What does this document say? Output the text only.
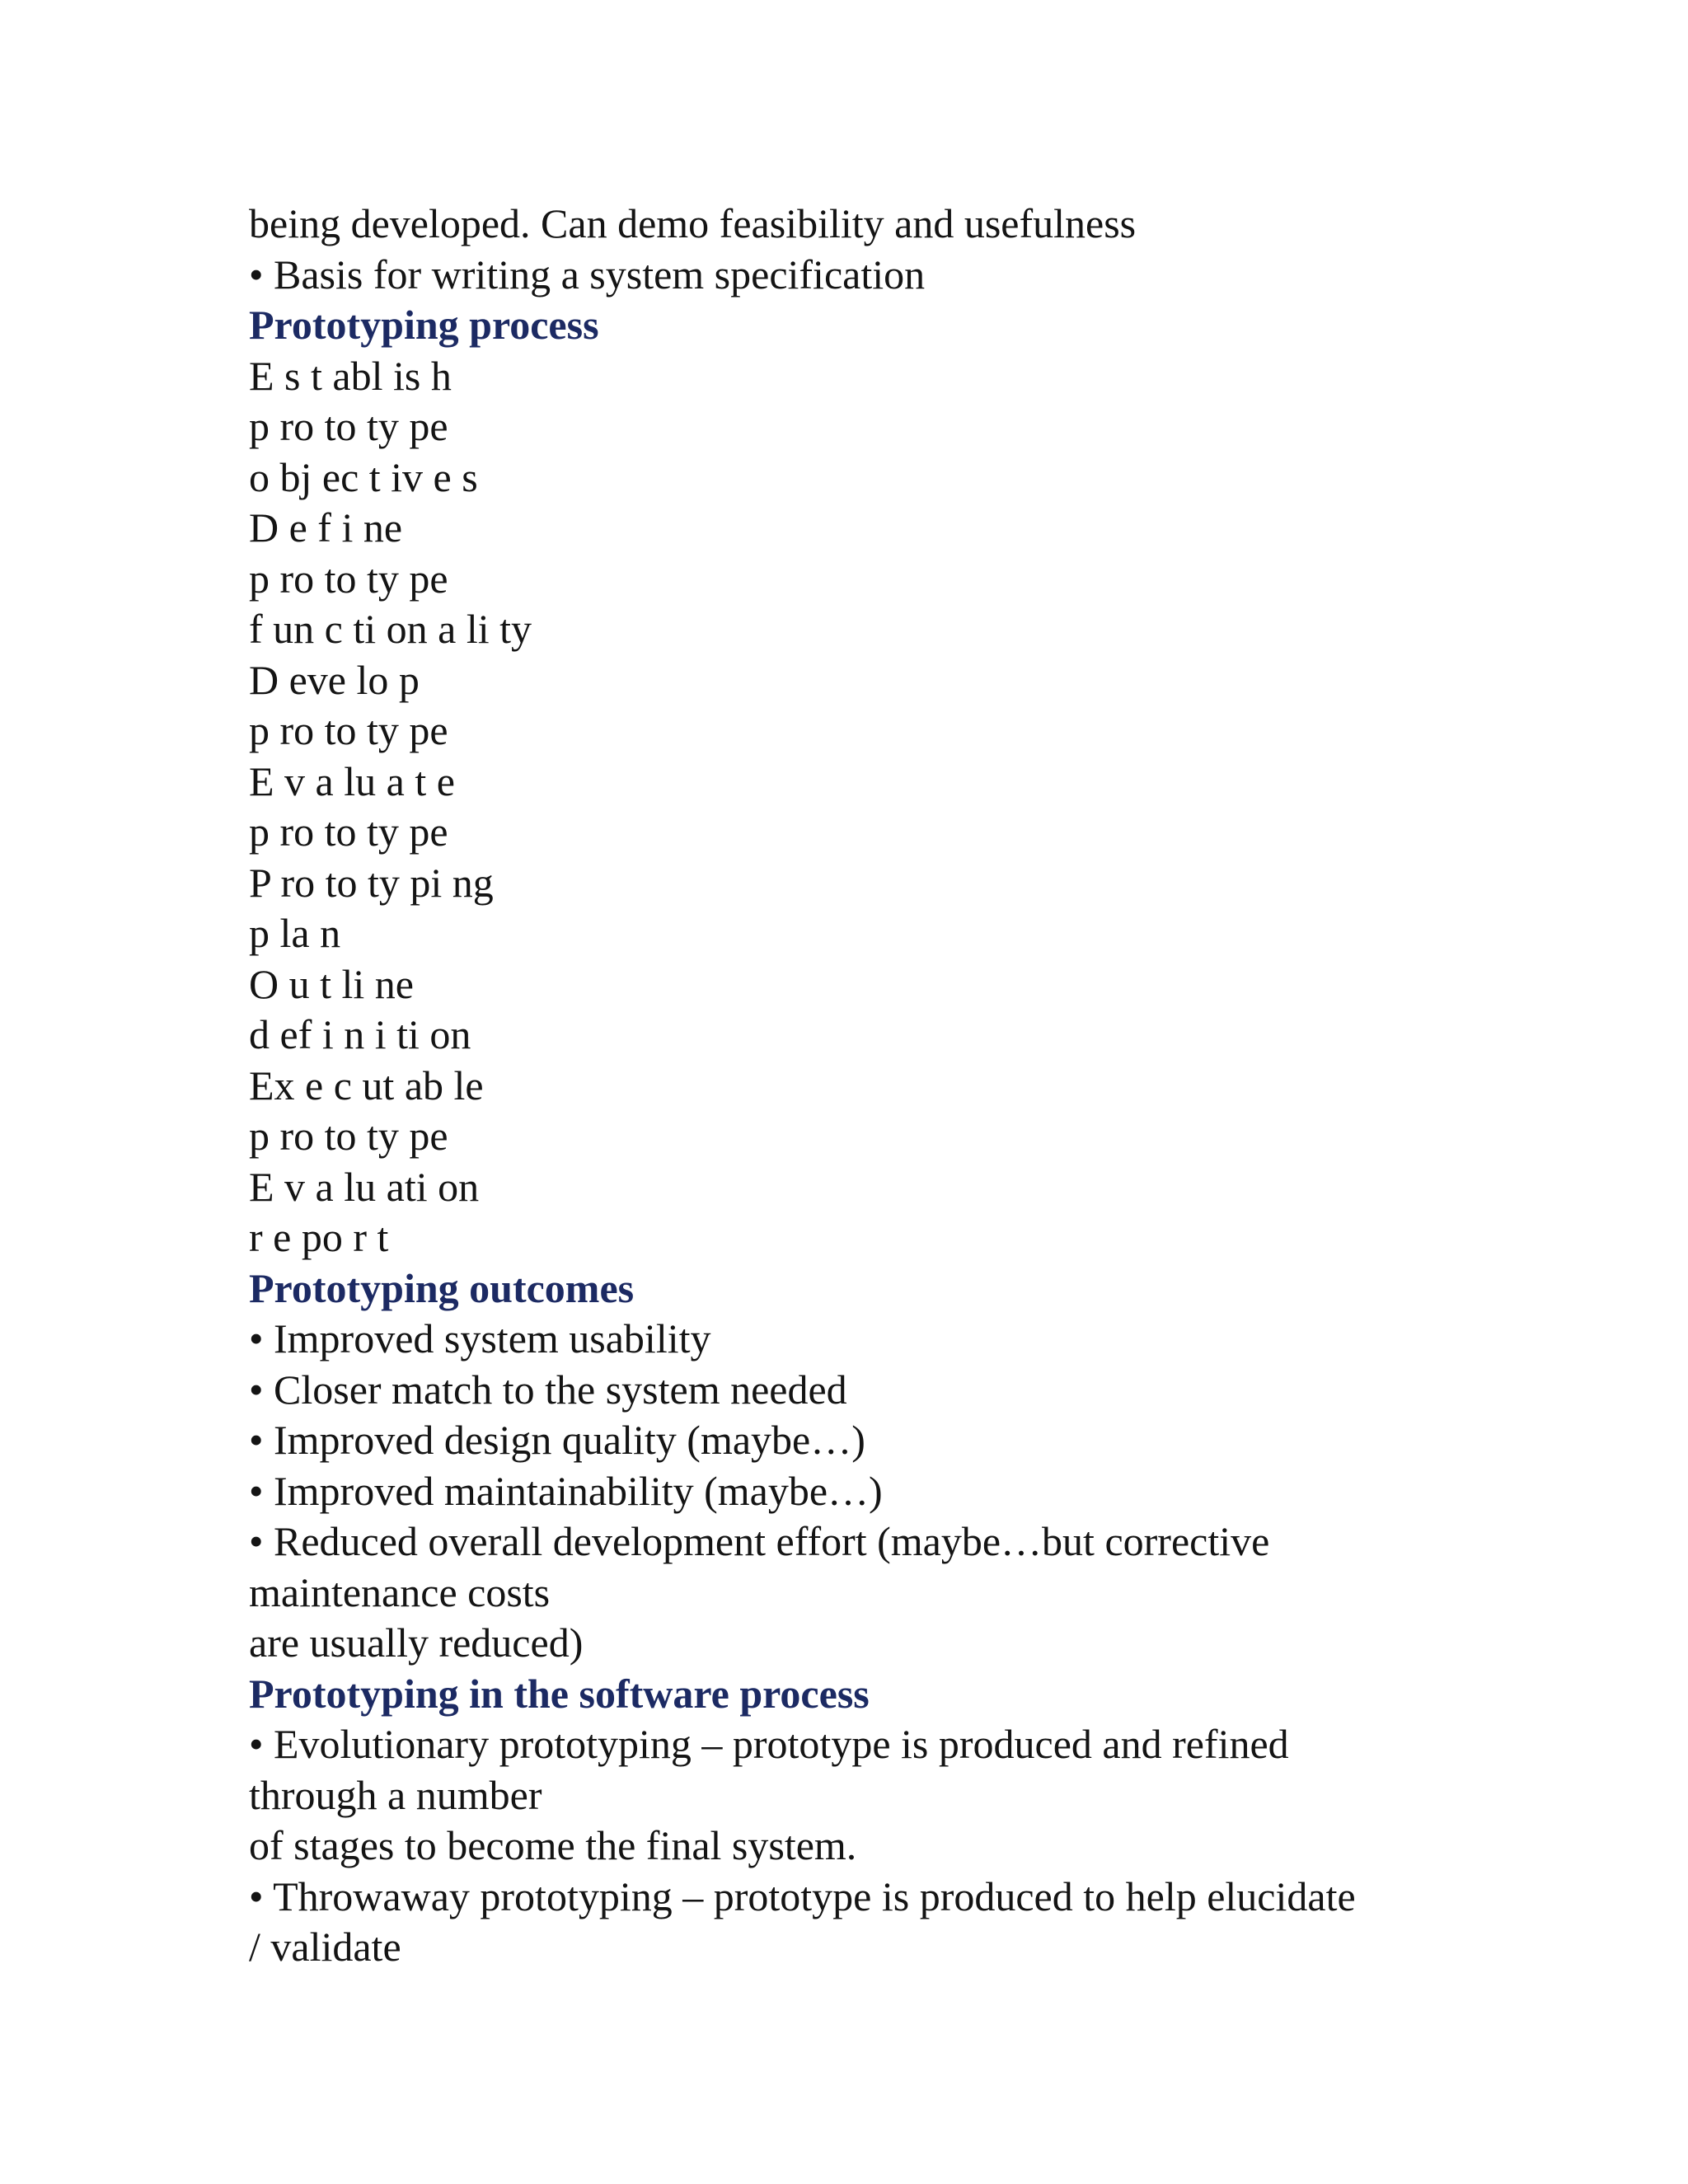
being developed. Can demo feasibility and usefulness
• Basis for writing a system specification
Prototyping process
E s t abl is h
p ro to ty pe
o bj ec t iv e s
D e f i ne
p ro to ty pe
f un c ti on a li ty
D eve lo p
p ro to ty pe
E v a lu a t e
p ro to ty pe
P ro to ty pi ng
p la n
O u t li ne
d ef i n i ti on
Ex e c ut ab le
p ro to ty pe
E v a lu ati on
r e po r t
Prototyping outcomes
• Improved system usability
• Closer match to the system needed
• Improved design quality (maybe…)
• Improved maintainability (maybe…)
• Reduced overall development effort (maybe…but corrective
maintenance costs
are usually reduced)
Prototyping in the software process
• Evolutionary prototyping – prototype is produced and refined
through a number
of stages to become the final system.
• Throwaway prototyping – prototype is produced to help elucidate
/ validate
